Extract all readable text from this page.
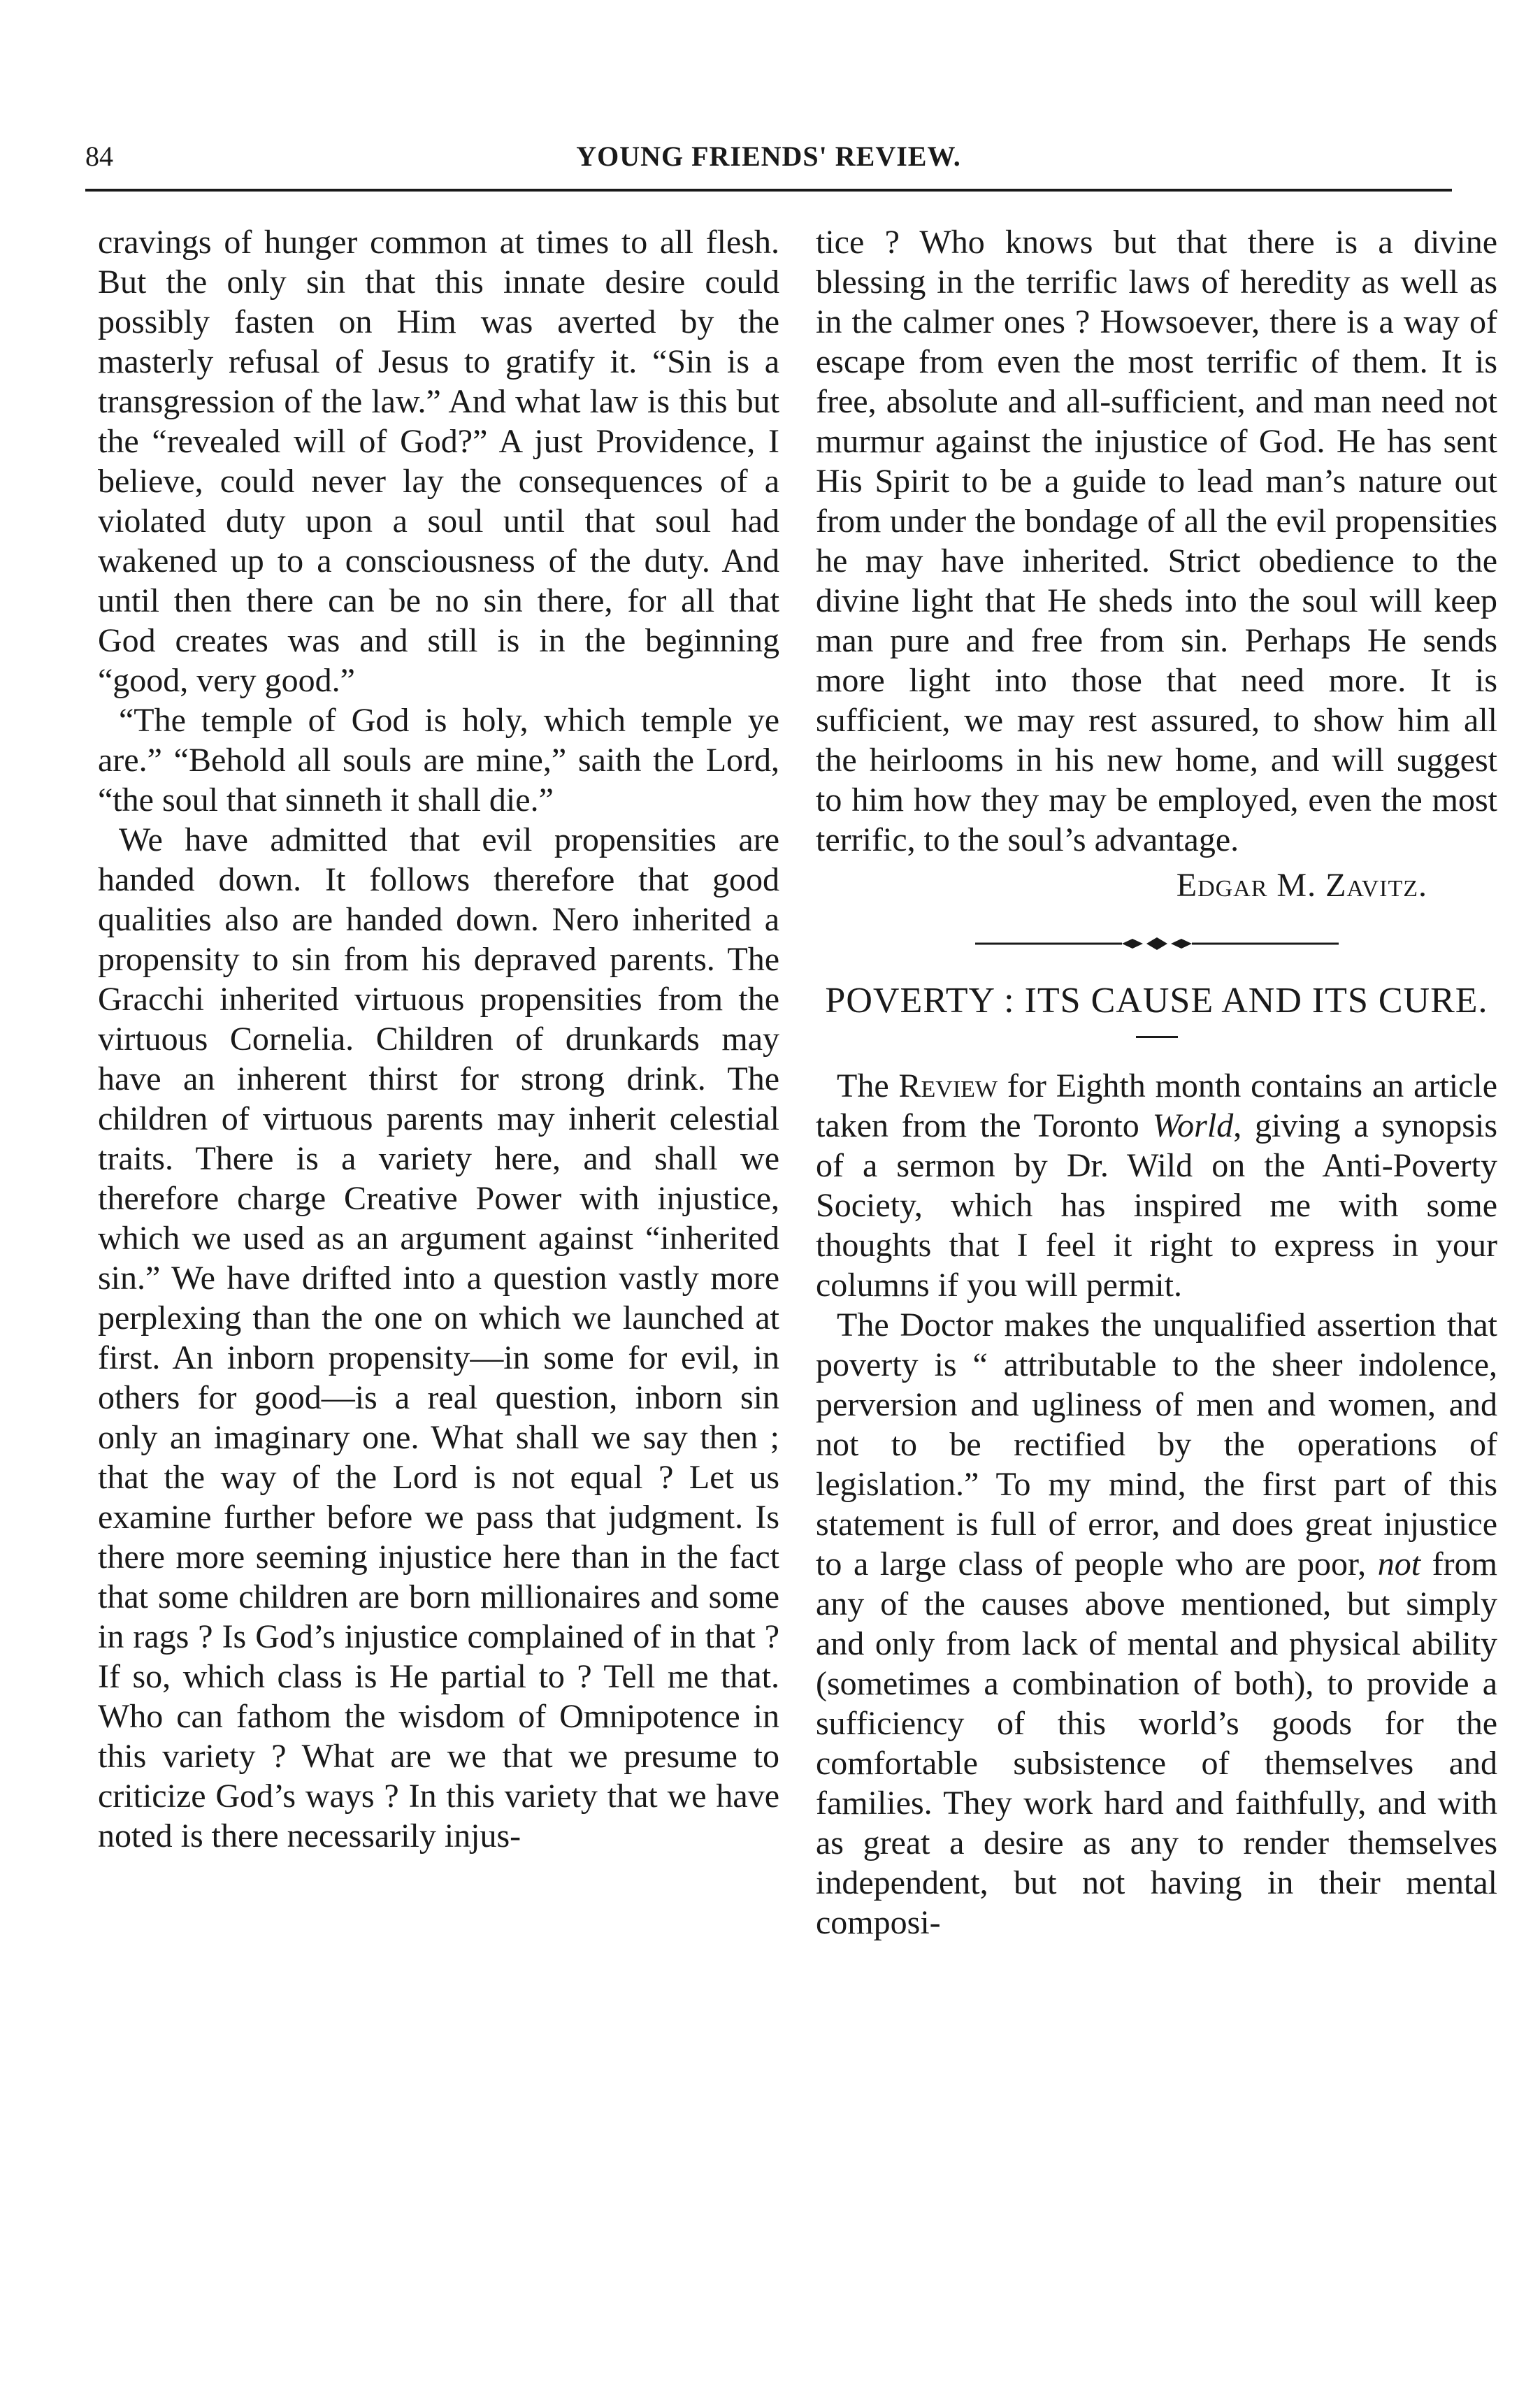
84	YOUNG FRIENDS' REVIEW.

cravings of hunger common at times to all flesh. But the only sin that this innate desire could possibly fasten on Him was averted by the masterly refusal of Jesus to gratify it. “Sin is a transgression of the law.” And what law is this but the “revealed will of God?” A just Providence, I believe, could never lay the consequences of a violated duty upon a soul until that soul had wakened up to a consciousness of the duty. And until then there can be no sin there, for all that God creates was and still is in the beginning “good, very good.”

“The temple of God is holy, which temple ye are.” “Behold all souls are mine,” saith the Lord, “the soul that sinneth it shall die.”

We have admitted that evil propensities are handed down. It follows therefore that good qualities also are handed down. Nero inherited a propensity to sin from his depraved parents. The Gracchi inherited virtuous propensities from the virtuous Cornelia. Children of drunkards may have an inherent thirst for strong drink. The children of virtuous parents may inherit celestial traits. There is a variety here, and shall we therefore charge Creative Power with injustice, which we used as an argument against “inherited sin.” We have drifted into a question vastly more perplexing than the one on which we launched at first. An inborn propensity—in some for evil, in others for good—is a real question, inborn sin only an imaginary one. What shall we say then ; that the way of the Lord is not equal ? Let us examine further before we pass that judgment. Is there more seeming injustice here than in the fact that some children are born millionaires and some in rags ? Is God’s injustice complained of in that ? If so, which class is He partial to ? Tell me that. Who can fathom the wisdom of Omnipotence in this variety ? What are we that we presume to criticize God’s ways ? In this variety that we have noted is there necessarily injus-

tice ? Who knows but that there is a divine blessing in the terrific laws of heredity as well as in the calmer ones ? Howsoever, there is a way of escape from even the most terrific of them. It is free, absolute and all-sufficient, and man need not murmur against the injustice of God. He has sent His Spirit to be a guide to lead man’s nature out from under the bondage of all the evil propensities he may have inherited. Strict obedience to the divine light that He sheds into the soul will keep man pure and free from sin. Perhaps He sends more light into those that need more. It is sufficient, we may rest assured, to show him all the heirlooms in his new home, and will suggest to him how they may be employed, even the most terrific, to the soul’s advantage.

Edgar M. Zavitz.
POVERTY : ITS CAUSE AND ITS CURE.

The Review for Eighth month contains an article taken from the Toronto World, giving a synopsis of a sermon by Dr. Wild on the Anti-Poverty Society, which has inspired me with some thoughts that I feel it right to express in your columns if you will permit.

The Doctor makes the unqualified assertion that poverty is “ attributable to the sheer indolence, perversion and ugliness of men and women, and not to be rectified by the operations of legislation.” To my mind, the first part of this statement is full of error, and does great injustice to a large class of people who are poor, not from any of the causes above mentioned, but simply and only from lack of mental and physical ability (sometimes a combination of both), to provide a sufficiency of this world’s goods for the comfortable subsistence of themselves and families. They work hard and faithfully, and with as great a desire as any to render themselves independent, but not having in their mental composi-
